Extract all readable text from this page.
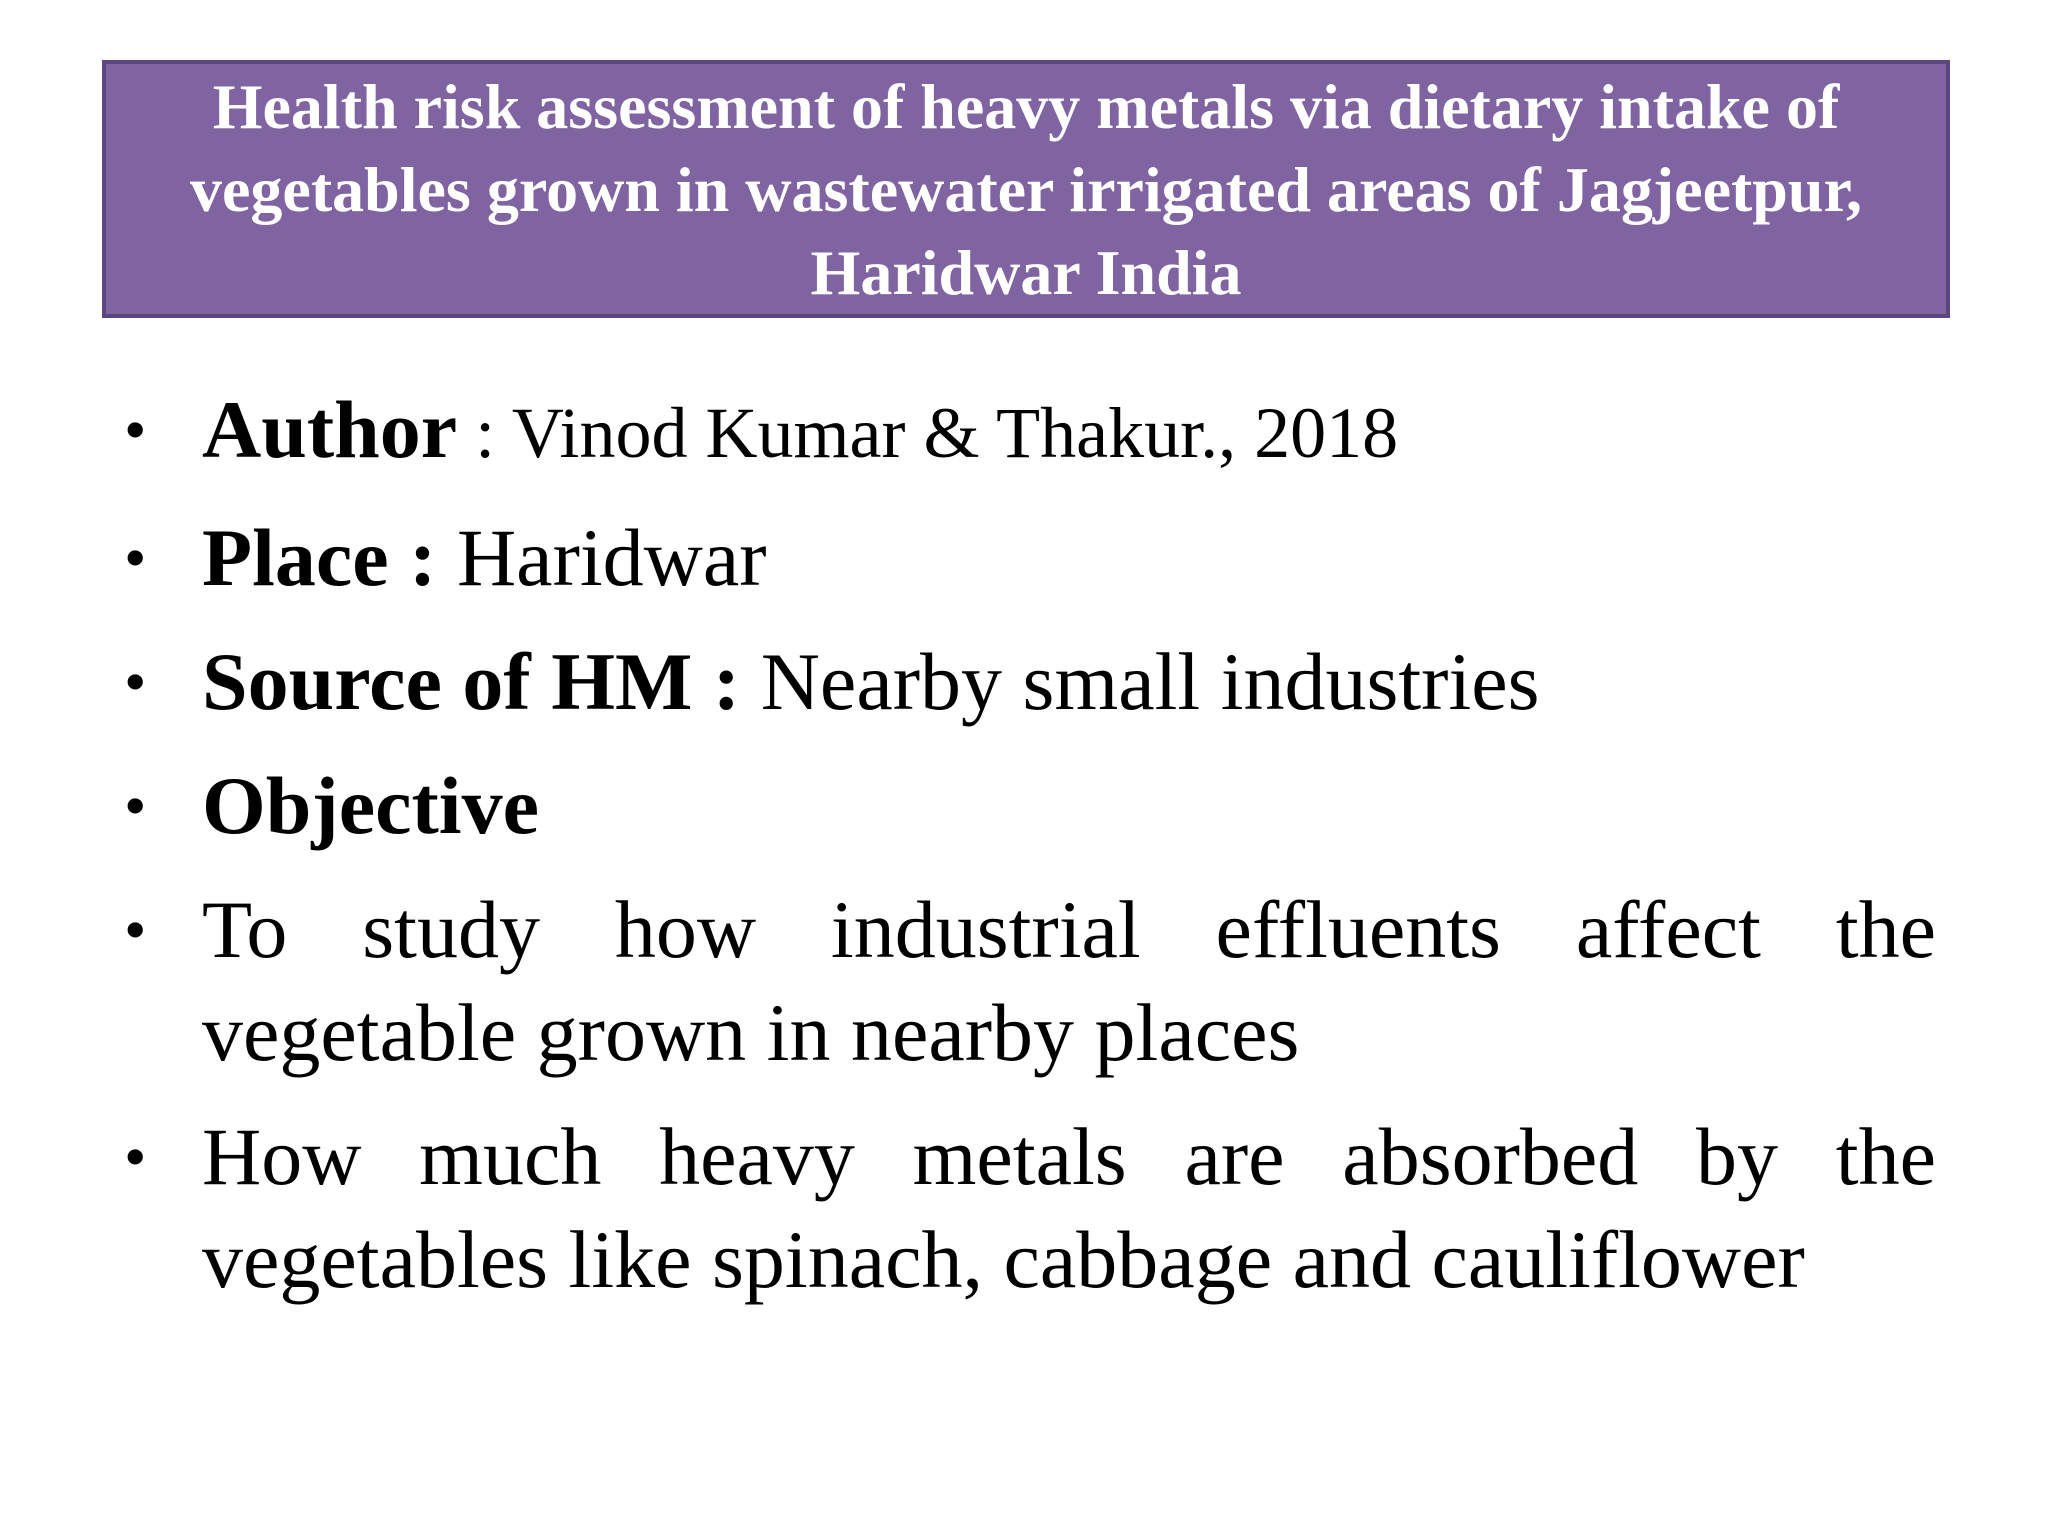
Health risk assessment of heavy metals via dietary intake of vegetables grown in wastewater irrigated areas of Jagjeetpur, Haridwar India
• Author : Vinod Kumar & Thakur., 2018
• Place : Haridwar
• Source of HM : Nearby small industries
• Objective
• To study how industrial effluents affect the vegetable grown in nearby places
• How much heavy metals are absorbed by the vegetables like spinach, cabbage and cauliflower
